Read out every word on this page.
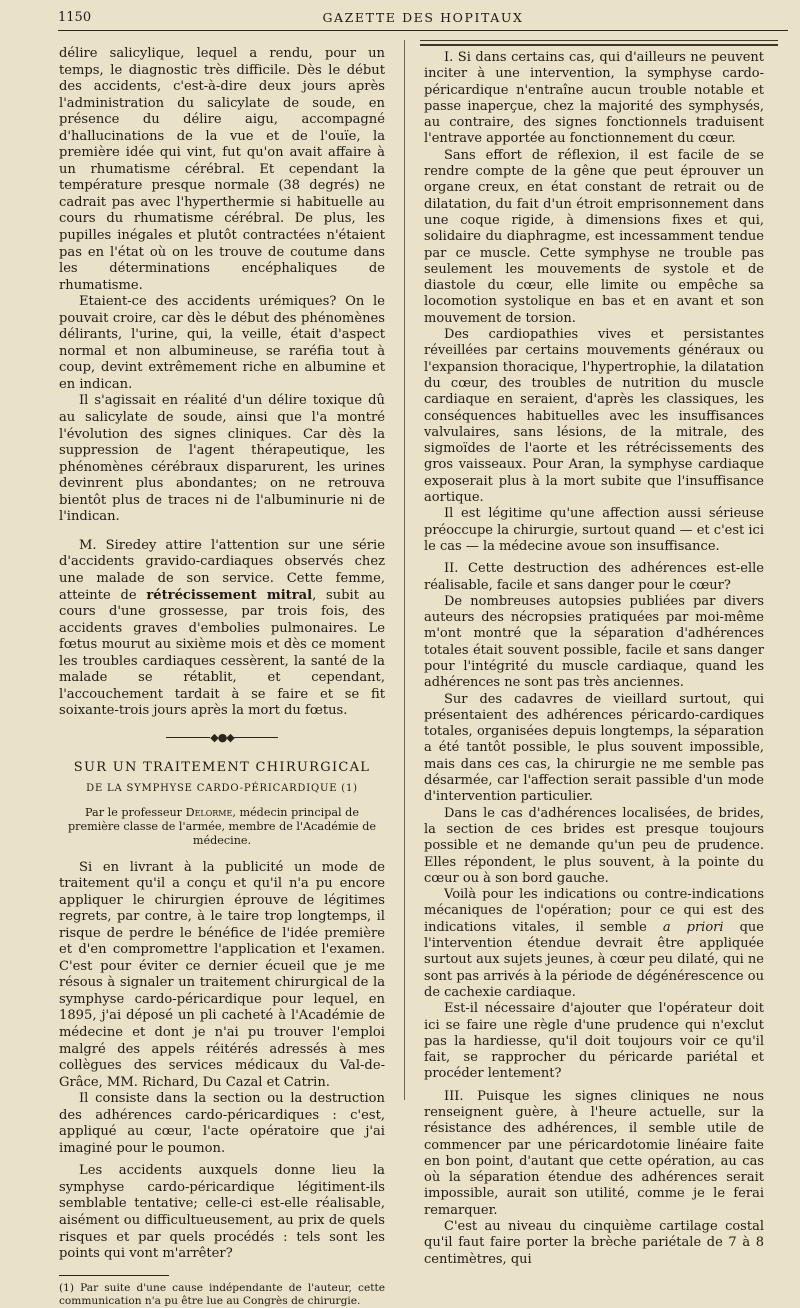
1150	GAZETTE DES HOPITAUX

délire salicylique, lequel a rendu, pour un temps, le diagnostic très difficile. Dès le début des accidents, c'est-à-dire deux jours après l'administration du salicylate de soude, en présence du délire aigu, accompagné d'hallucinations de la vue et de l'ouïe, la première idée qui vint, fut qu'on avait affaire à un rhumatisme cérébral. Et cependant la température presque normale (38 degrés) ne cadrait pas avec l'hyperthermie si habituelle au cours du rhumatisme cérébral. De plus, les pupilles inégales et plutôt contractées n'étaient pas en l'état où on les trouve de coutume dans les déterminations encéphaliques de rhumatisme.

Etaient-ce des accidents urémiques? On le pouvait croire, car dès le début des phénomènes délirants, l'urine, qui, la veille, était d'aspect normal et non albumineuse, se raréfia tout à coup, devint extrêmement riche en albumine et en indican.

Il s'agissait en réalité d'un délire toxique dû au salicylate de soude, ainsi que l'a montré l'évolution des signes cliniques. Car dès la suppression de l'agent thérapeutique, les phénomènes cérébraux disparurent, les urines devinrent plus abondantes; on ne retrouva bientôt plus de traces ni de l'albuminurie ni de l'indican.

M. Siredey attire l'attention sur une série d'accidents gravido-cardiaques observés chez une malade de son service. Cette femme, atteinte de rétrécissement mitral, subit au cours d'une grossesse, par trois fois, des accidents graves d'embolies pulmonaires. Le fœtus mourut au sixième mois et dès ce moment les troubles cardiaques cessèrent, la santé de la malade se rétablit, et cependant, l'accouchement tardait à se faire et se fit soixante-trois jours après la mort du fœtus.

◆●◆
SUR UN TRAITEMENT CHIRURGICAL
DE LA SYMPHYSE CARDO-PÉRICARDIQUE (1)
Par le professeur Delorme, médecin principal de première classe de l'armée, membre de l'Académie de médecine.

Si en livrant à la publicité un mode de traitement qu'il a conçu et qu'il n'a pu encore appliquer le chirurgien éprouve de légitimes regrets, par contre, à le taire trop longtemps, il risque de perdre le bénéfice de l'idée première et d'en compromettre l'application et l'examen. C'est pour éviter ce dernier écueil que je me résous à signaler un traitement chirurgical de la symphyse cardo-péricardique pour lequel, en 1895, j'ai déposé un pli cacheté à l'Académie de médecine et dont je n'ai pu trouver l'emploi malgré des appels réitérés adressés à mes collègues des services médicaux du Val-de-Grâce, MM. Richard, Du Cazal et Catrin.

Il consiste dans la section ou la destruction des adhérences cardo-péricardiques : c'est, appliqué au cœur, l'acte opératoire que j'ai imaginé pour le poumon.

Les accidents auxquels donne lieu la symphyse cardo-péricardique légitiment-ils semblable tentative; celle-ci est-elle réalisable, aisément ou difficultueusement, au prix de quels risques et par quels procédés : tels sont les points qui vont m'arrêter?

(1) Par suite d'une cause indépendante de l'auteur, cette communication n'a pu être lue au Congrès de chirurgie.

I. Si dans certains cas, qui d'ailleurs ne peuvent inciter à une intervention, la symphyse cardo-péricardique n'entraîne aucun trouble notable et passe inaperçue, chez la majorité des symphysés, au contraire, des signes fonctionnels traduisent l'entrave apportée au fonctionnement du cœur.

Sans effort de réflexion, il est facile de se rendre compte de la gêne que peut éprouver un organe creux, en état constant de retrait ou de dilatation, du fait d'un étroit emprisonnement dans une coque rigide, à dimensions fixes et qui, solidaire du diaphragme, est incessamment tendue par ce muscle. Cette symphyse ne trouble pas seulement les mouvements de systole et de diastole du cœur, elle limite ou empêche sa locomotion systolique en bas et en avant et son mouvement de torsion.

Des cardiopathies vives et persistantes réveillées par certains mouvements généraux ou l'expansion thoracique, l'hypertrophie, la dilatation du cœur, des troubles de nutrition du muscle cardiaque en seraient, d'après les classiques, les conséquences habituelles avec les insuffisances valvulaires, sans lésions, de la mitrale, des sigmoïdes de l'aorte et les rétrécissements des gros vaisseaux. Pour Aran, la symphyse cardiaque exposerait plus à la mort subite que l'insuffisance aortique.

Il est légitime qu'une affection aussi sérieuse préoccupe la chirurgie, surtout quand — et c'est ici le cas — la médecine avoue son insuffisance.

II. Cette destruction des adhérences est-elle réalisable, facile et sans danger pour le cœur?

De nombreuses autopsies publiées par divers auteurs des nécropsies pratiquées par moi-même m'ont montré que la séparation d'adhérences totales était souvent possible, facile et sans danger pour l'intégrité du muscle cardiaque, quand les adhérences ne sont pas très anciennes.

Sur des cadavres de vieillard surtout, qui présentaient des adhérences péricardo-cardiques totales, organisées depuis longtemps, la séparation a été tantôt possible, le plus souvent impossible, mais dans ces cas, la chirurgie ne me semble pas désarmée, car l'affection serait passible d'un mode d'intervention particulier.

Dans le cas d'adhérences localisées, de brides, la section de ces brides est presque toujours possible et ne demande qu'un peu de prudence. Elles répondent, le plus souvent, à la pointe du cœur ou à son bord gauche.

Voilà pour les indications ou contre-indications mécaniques de l'opération; pour ce qui est des indications vitales, il semble a priori que l'intervention étendue devrait être appliquée surtout aux sujets jeunes, à cœur peu dilaté, qui ne sont pas arrivés à la période de dégénérescence ou de cachexie cardiaque.

Est-il nécessaire d'ajouter que l'opérateur doit ici se faire une règle d'une prudence qui n'exclut pas la hardiesse, qu'il doit toujours voir ce qu'il fait, se rapprocher du péricarde pariétal et procéder lentement?

III. Puisque les signes cliniques ne nous renseignent guère, à l'heure actuelle, sur la résistance des adhérences, il semble utile de commencer par une péricardotomie linéaire faite en bon point, d'autant que cette opération, au cas où la séparation étendue des adhérences serait impossible, aurait son utilité, comme je le ferai remarquer.

C'est au niveau du cinquième cartilage costal qu'il faut faire porter la brèche pariétale de 7 à 8 centimètres, qui
